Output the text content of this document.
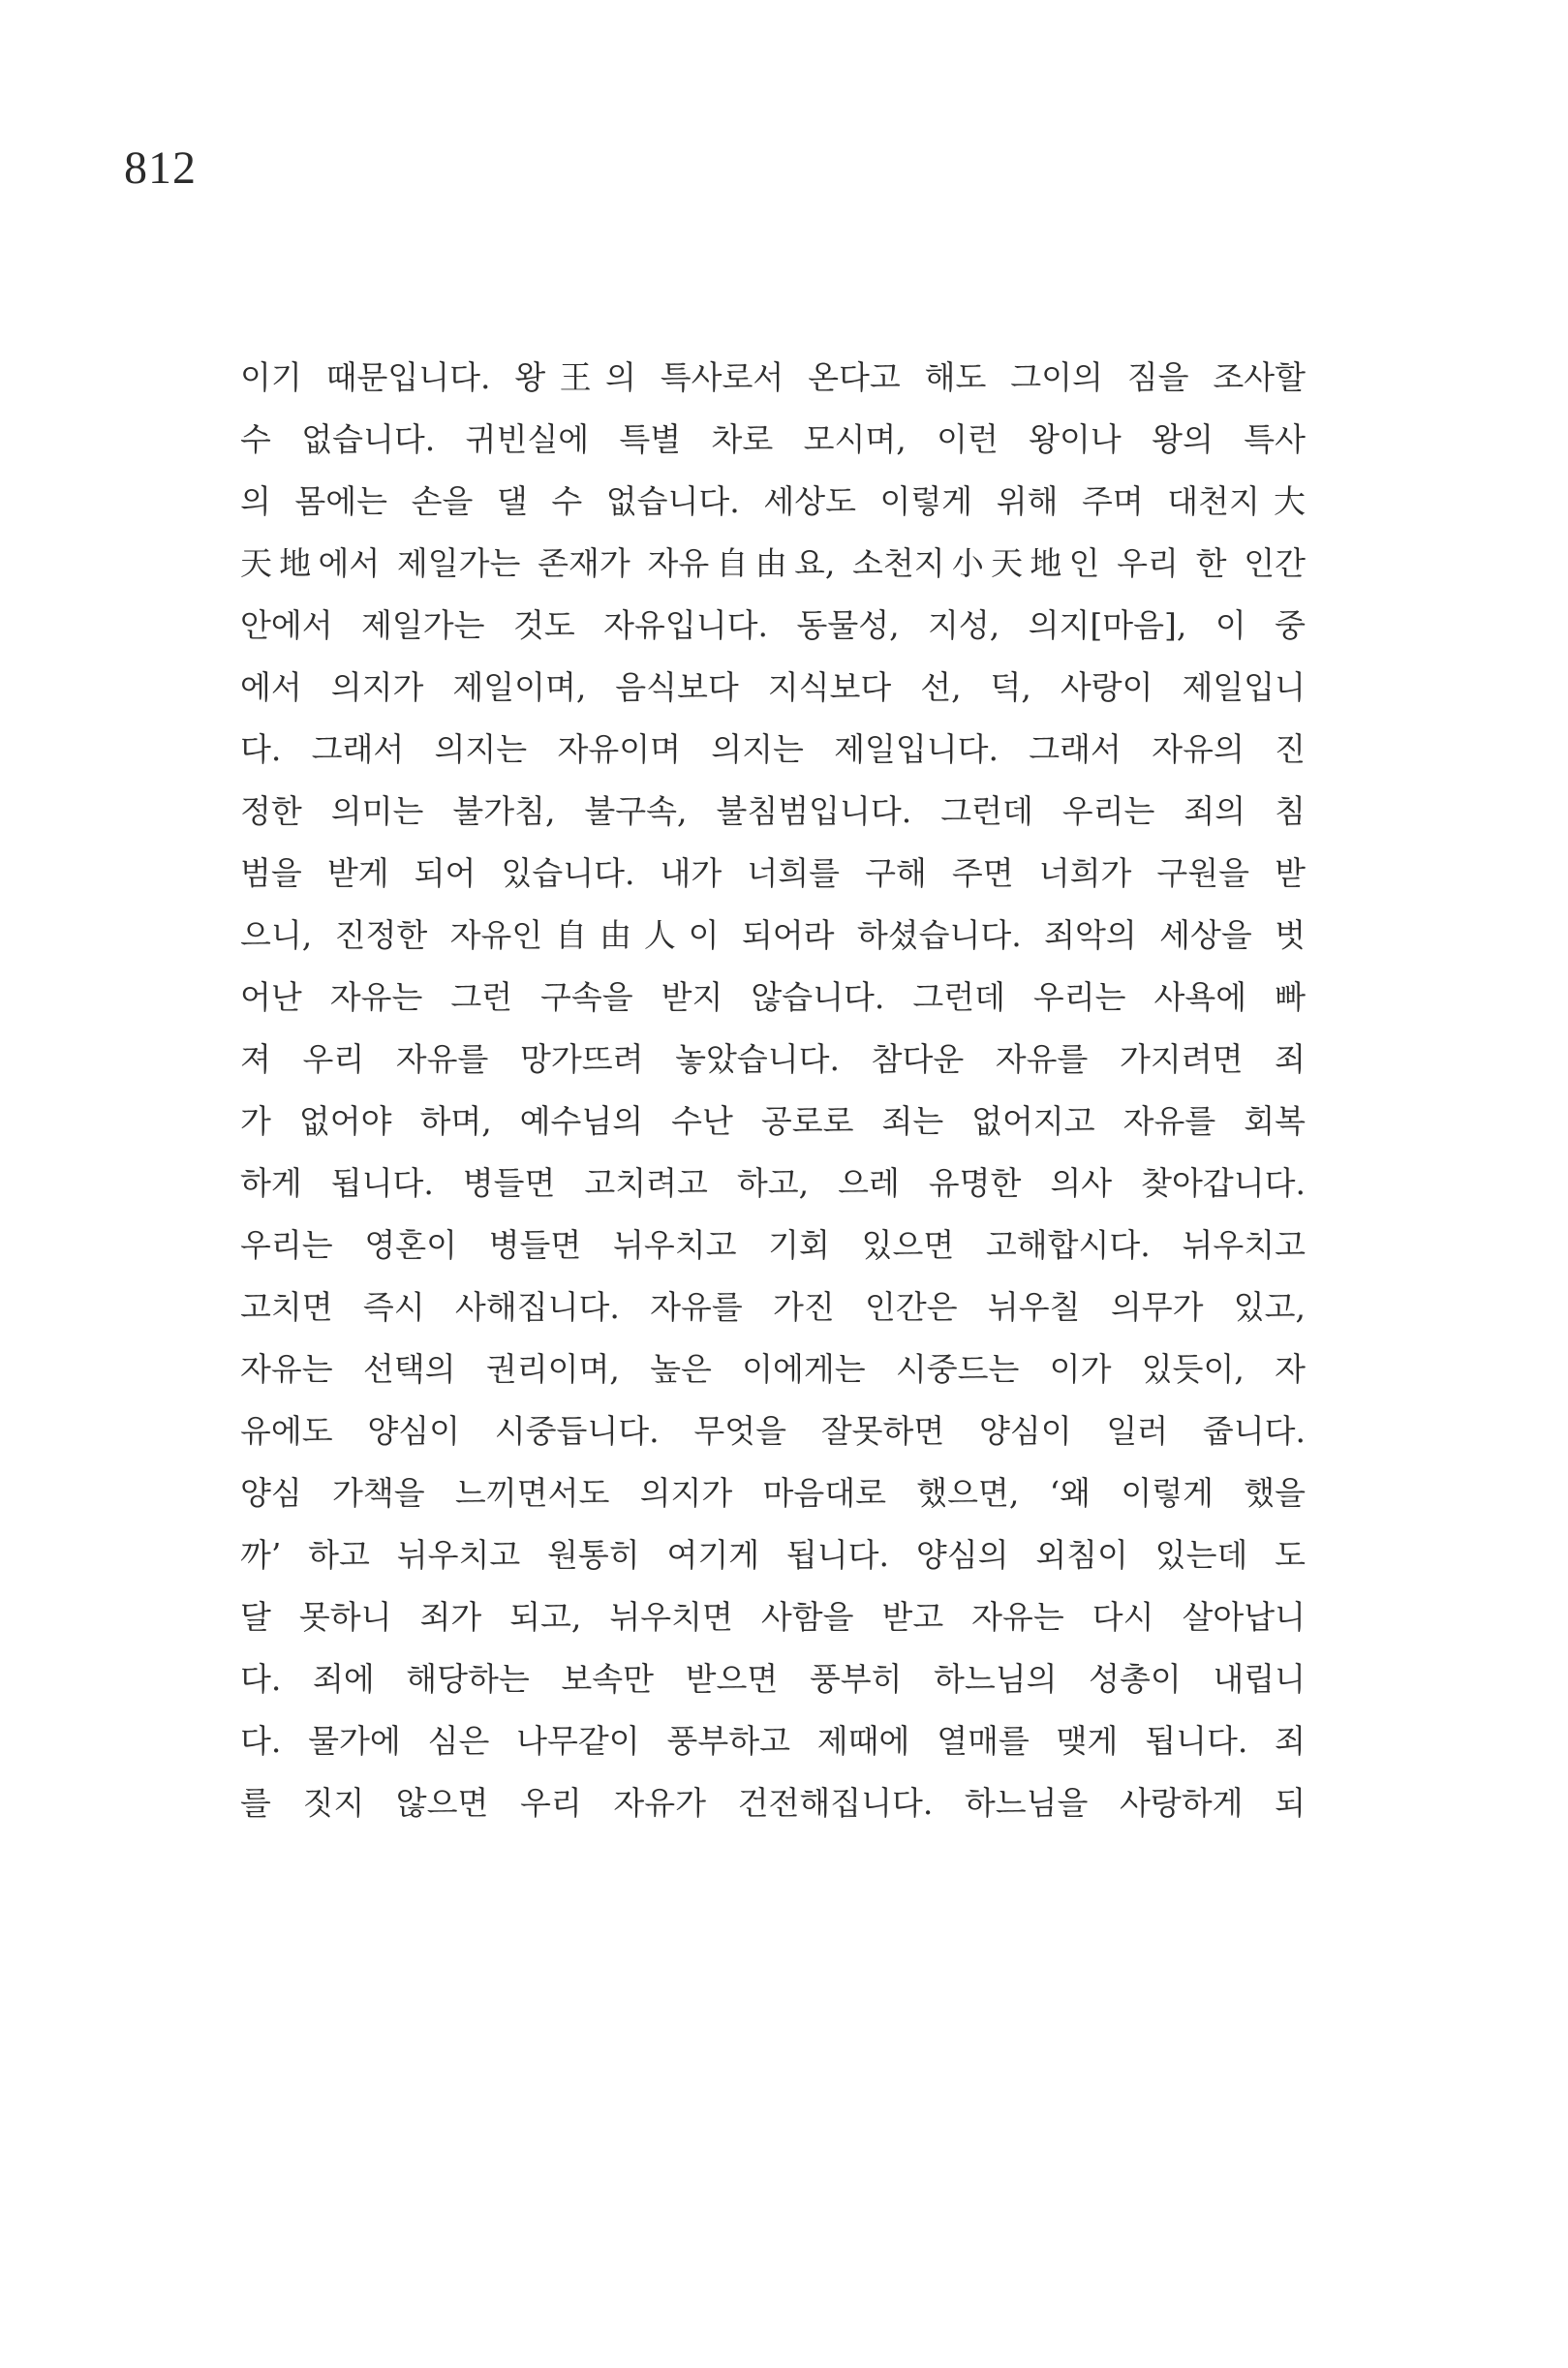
812
이기 때문입니다. 왕王의 특사로서 온다고 해도 그이의 짐을 조사할
수 없습니다. 귀빈실에 특별 차로 모시며, 이런 왕이나 왕의 특사
의 몸에는 손을 댈 수 없습니다. 세상도 이렇게 위해 주며 대천지大
天地에서 제일가는 존재가 자유自由요, 소천지小天地인 우리 한 인간
안에서 제일가는 것도 자유입니다. 동물성, 지성, 의지[마음], 이 중
에서 의지가 제일이며, 음식보다 지식보다 선, 덕, 사랑이 제일입니
다. 그래서 의지는 자유이며 의지는 제일입니다. 그래서 자유의 진
정한 의미는 불가침, 불구속, 불침범입니다. 그런데 우리는 죄의 침
범을 받게 되어 있습니다. 내가 너희를 구해 주면 너희가 구원을 받
으니, 진정한 자유인自由人이 되어라 하셨습니다. 죄악의 세상을 벗
어난 자유는 그런 구속을 받지 않습니다. 그런데 우리는 사욕에 빠
져 우리 자유를 망가뜨려 놓았습니다. 참다운 자유를 가지려면 죄
가 없어야 하며, 예수님의 수난 공로로 죄는 없어지고 자유를 회복
하게 됩니다. 병들면 고치려고 하고, 으레 유명한 의사 찾아갑니다.
우리는 영혼이 병들면 뉘우치고 기회 있으면 고해합시다. 뉘우치고
고치면 즉시 사해집니다. 자유를 가진 인간은 뉘우칠 의무가 있고,
자유는 선택의 권리이며, 높은 이에게는 시중드는 이가 있듯이, 자
유에도 양심이 시중듭니다. 무엇을 잘못하면 양심이 일러 줍니다.
양심 가책을 느끼면서도 의지가 마음대로 했으면, ‘왜 이렇게 했을
까’ 하고 뉘우치고 원통히 여기게 됩니다. 양심의 외침이 있는데 도
달 못하니 죄가 되고, 뉘우치면 사함을 받고 자유는 다시 살아납니
다. 죄에 해당하는 보속만 받으면 풍부히 하느님의 성총이 내립니
다. 물가에 심은 나무같이 풍부하고 제때에 열매를 맺게 됩니다. 죄
를 짓지 않으면 우리 자유가 건전해집니다. 하느님을 사랑하게 되
